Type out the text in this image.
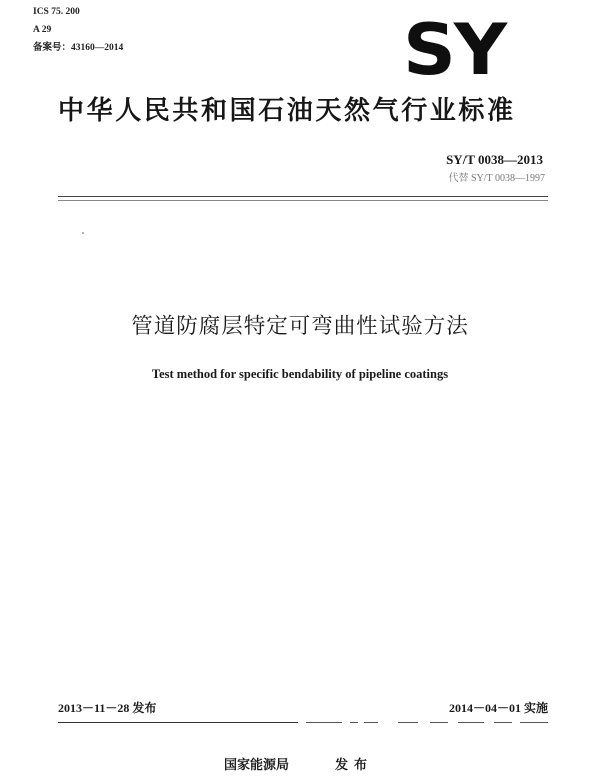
ICS 75. 200
A 29
备案号：43160—2014	SY
中华人民共和国石油天然气行业标准
SY/T 0038—2013
代替 SY/T 0038—1997
管道防腐层特定可弯曲性试验方法
Test method for specific bendability of pipeline coatings
2013－11－28 发布	2014－04－01 实施
国家能源局	发布
